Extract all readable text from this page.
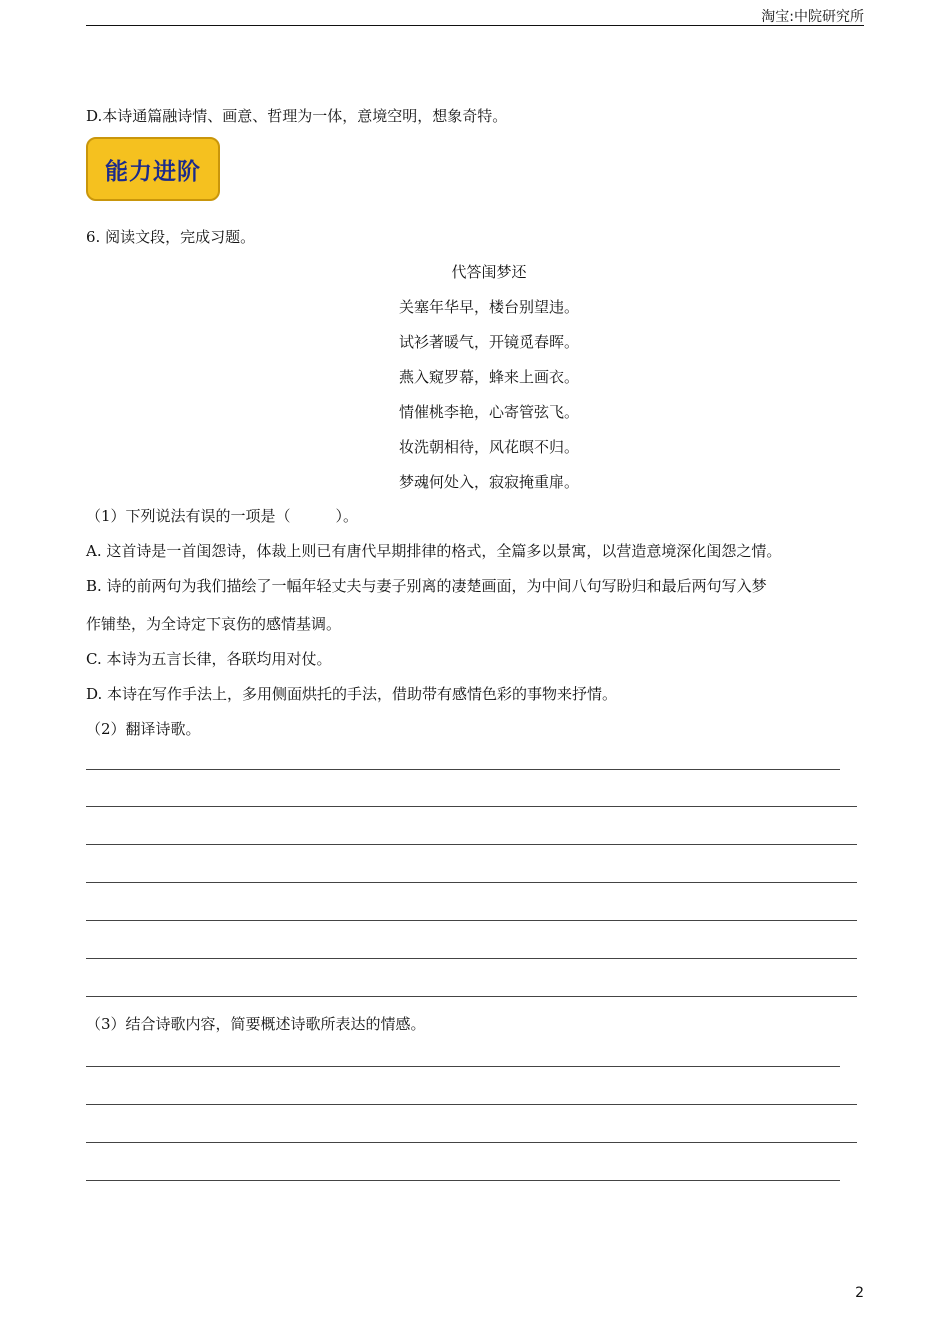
淘宝:中院研究所
D.本诗通篇融诗情、画意、哲理为一体，意境空明，想象奇特。
能力进阶
6. 阅读文段，完成习题。
代答闺梦还
关塞年华早，楼台别望违。
试衫著暖气，开镜觅春晖。
燕入窥罗幕，蜂来上画衣。
情催桃李艳，心寄管弦飞。
妆洗朝相待，风花暝不归。
梦魂何处入，寂寂掩重扉。
（1）下列说法有误的一项是（　　　）。
A. 这首诗是一首闺怨诗，体裁上则已有唐代早期排律的格式，全篇多以景寓，以营造意境深化闺怨之情。
B. 诗的前两句为我们描绘了一幅年轻丈夫与妻子别离的凄楚画面，为中间八句写盼归和最后两句写入梦
作铺垫，为全诗定下哀伤的感情基调。
C. 本诗为五言长律，各联均用对仗。
D. 本诗在写作手法上，多用侧面烘托的手法，借助带有感情色彩的事物来抒情。
（2）翻译诗歌。
（3）结合诗歌内容，简要概述诗歌所表达的情感。
2
